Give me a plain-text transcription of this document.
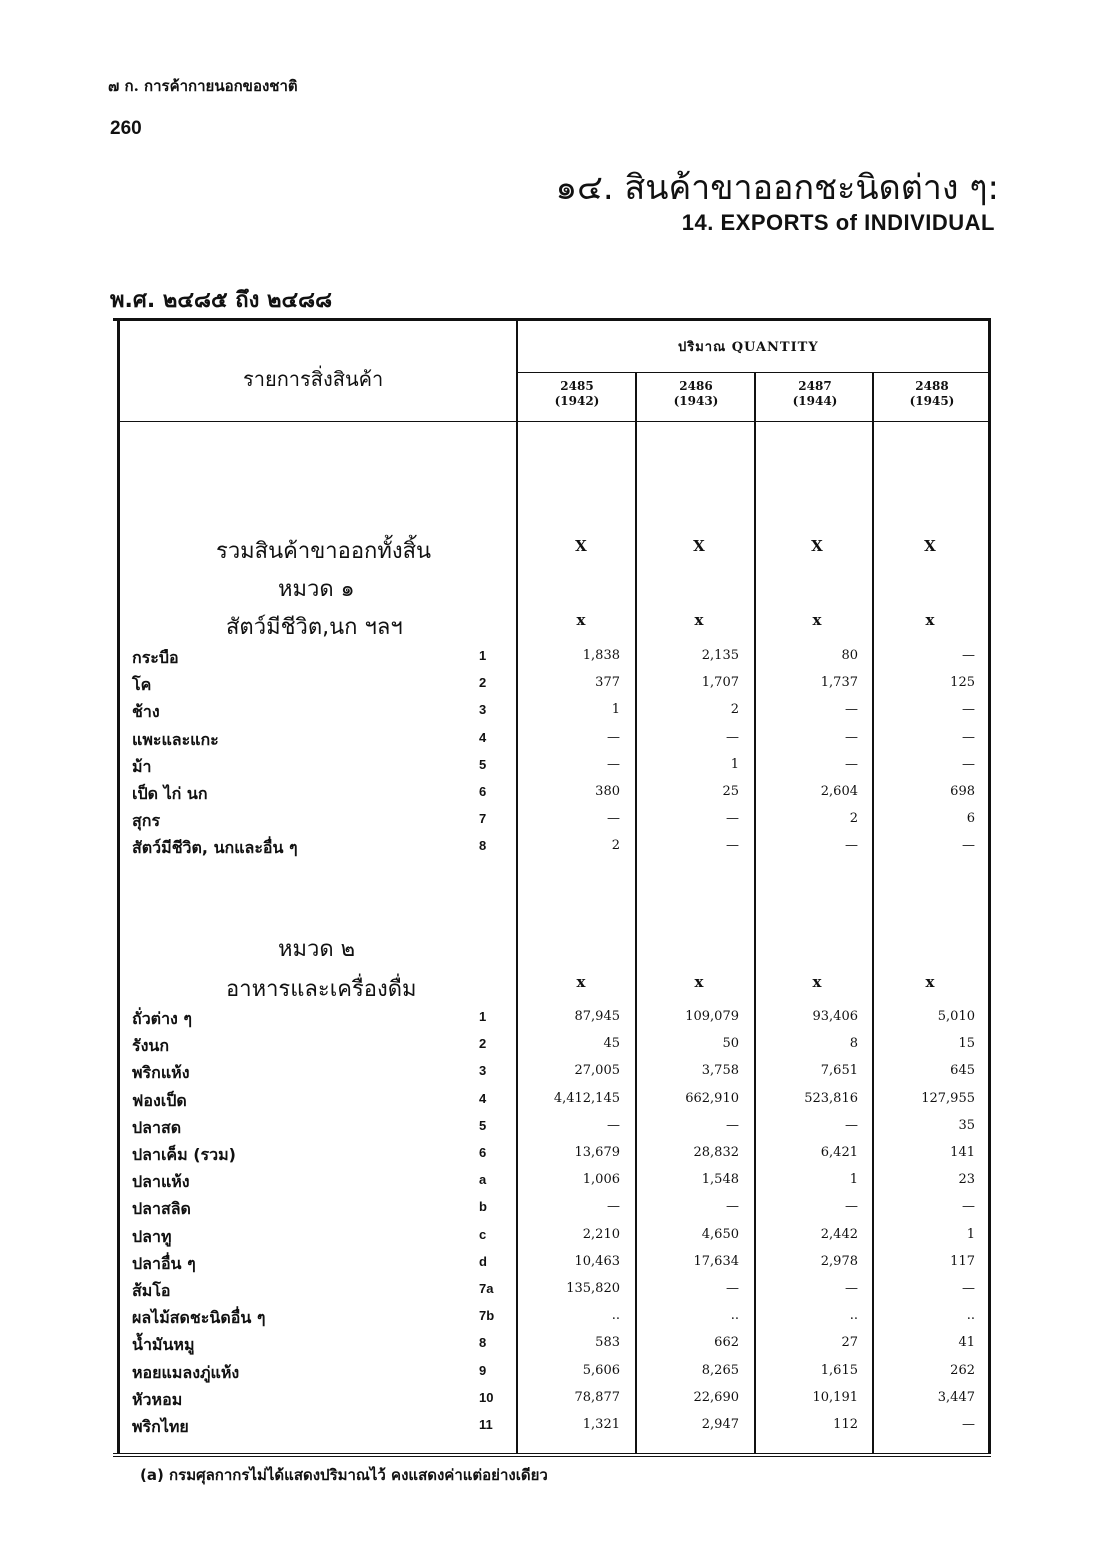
๗ ก. การค้ากายนอกของชาติ
260
๑๔. สินค้าขาออกชะนิดต่าง ๆ:
14. EXPORTS of INDIVIDUAL
พ.ศ. ๒๔๘๕ ถึง ๒๔๘๘
รายการสิ่งสินค้า
ปริมาณ QUANTITY
2485
(1942)
2486
(1943)
2487
(1944)
2488
(1945)
รวมสินค้าขาออกทั้งสิ้น	X	X	X	X
หมวด ๑
สัตว์มีชีวิต,นก ฯลฯ	x	x	x	x
กระบือ	1	1,838	2,135	80	—
โค	2	377	1,707	1,737	125
ช้าง	3	1	2	—	—
แพะและแกะ	4	—	—	—	—
ม้า	5	—	1	—	—
เป็ด ไก่ นก	6	380	25	2,604	698
สุกร	7	—	—	2	6
สัตว์มีชีวิต, นกและอื่น ๆ	8	2	—	—	—
หมวด ๒
อาหารและเครื่องดื่ม	x	x	x	x
ถั่วต่าง ๆ	1	87,945	109,079	93,406	5,010
รังนก	2	45	50	8	15
พริกแห้ง	3	27,005	3,758	7,651	645
ฟองเป็ด	4	4,412,145	662,910	523,816	127,955
ปลาสด	5	—	—	—	35
ปลาเค็ม (รวม)	6	13,679	28,832	6,421	141
ปลาแห้ง	a	1,006	1,548	1	23
ปลาสลิด	b	—	—	—	—
ปลาทู	c	2,210	4,650	2,442	1
ปลาอื่น ๆ	d	10,463	17,634	2,978	117
ส้มโอ	7a	135,820	—	—	—
ผลไม้สดชะนิดอื่น ๆ	7b	..	..	..	..
น้ำมันหมู	8	583	662	27	41
หอยแมลงภู่แห้ง	9	5,606	8,265	1,615	262
หัวหอม	10	78,877	22,690	10,191	3,447
พริกไทย	11	1,321	2,947	112	—
(a) กรมศุลกากรไม่ได้แสดงปริมาณไว้ คงแสดงค่าแต่อย่างเดียว
